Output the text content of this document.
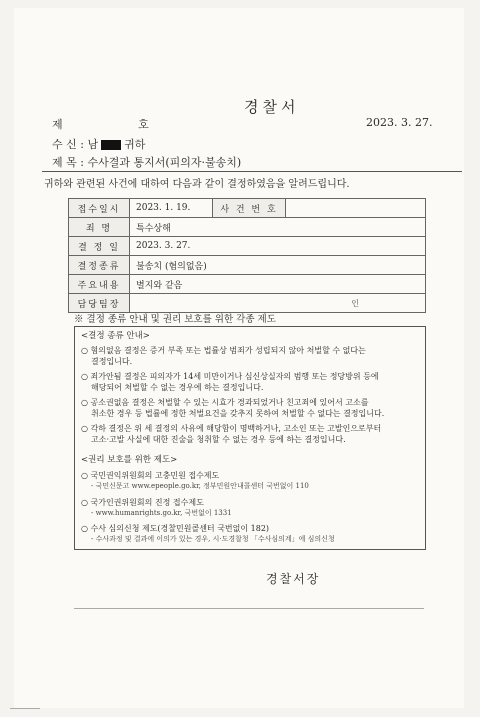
경찰서
제 호	2023. 3. 27.
수 신 : 남 귀하
제 목 : 수사결과 통지서(피의자·불송치)
귀하와 관련된 사건에 대하여 다음과 같이 결정하였음을 알려드립니다.
접수일시	2023. 1. 19.	사 건 번 호	
죄 명	특수상해		
결 정 일	2023. 3. 27.		
결정종류	불송치 (혐의없음)		
주요내용	별지와 같음		
담당팀장	인		
※ 결정 종류 안내 및 권리 보호를 위한 각종 제도
<결정 종류 안내>
○ 혐의없음 결정은 증거 부족 또는 법률상 범죄가 성립되지 않아 처벌할 수 없다는
결정입니다.
○ 죄가안됨 결정은 피의자가 14세 미만이거나 심신상실자의 범행 또는 정당방위 등에
해당되어 처벌할 수 없는 경우에 하는 결정입니다.
○ 공소권없음 결정은 처벌할 수 있는 시효가 경과되었거나 친고죄에 있어서 고소를
취소한 경우 등 법률에 정한 처벌요건을 갖추지 못하여 처벌할 수 없다는 결정입니다.
○ 각하 결정은 위 세 결정의 사유에 해당함이 명백하거나, 고소인 또는 고발인으로부터
고소·고발 사실에 대한 진술을 청취할 수 없는 경우 등에 하는 결정입니다.
<권리 보호를 위한 제도>
○ 국민권익위원회의 고충민원 접수제도
- 국민신문고 www.epeople.go.kr, 정부민원안내콜센터 국번없이 110
○ 국가인권위원회의 진정 접수제도
- www.humanrights.go.kr, 국번없이 1331
○ 수사 심의신청 제도(경찰민원콜센터 국번없이 182)
- 수사과정 및 결과에 이의가 있는 경우, 시·도경찰청 「수사심의계」에 심의신청
경찰서장
